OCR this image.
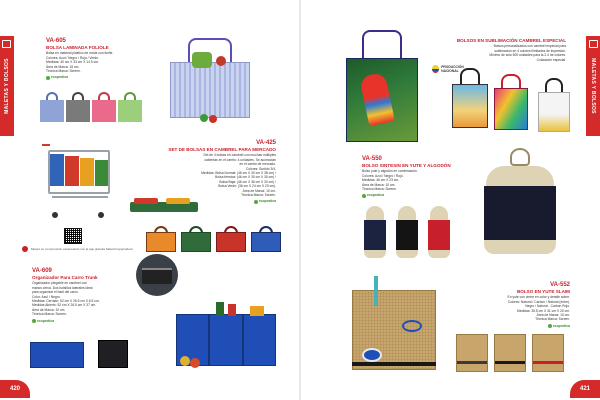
MALETAS Y BOLSOS
VA-605
BOLSA LAMINADA FOLIOLE
Bolsa en material plástico de moda con fuelle.
Colores: Azul / Negro / Rojo / Verde.
Medidas: 40 cm X 33 cm X 14.5 cm.
Área de Marca: 15 cm.
Técnica Marca: Screen.
ecoprotica
VA-425
SET DE BOLSAS EN CAMBREL PARA MERCADO
Set de 4 bolsas en cambrel con muchas múltiples
cabiertas en el carrito: 4 unidades. Se acomodan
en el carrito de mercado.
Colores: Surtido 3/4.
Medidas: Bolsa Normal: (46 cm X 30 cm X 38 cm) /
Bolsa térmica: (46 cm X 30 cm X 30 cm) /
Bolsa Baja: (46 cm X 36 cm X 20 cm) /
Bolsa Verde: (36 cm X 24 cm X 20 cm).
Área de Marca: 10 cm.
Técnica Marca: Screen.
ecoprotica
Mejore su comprensión escaneando con la app gratuita Salam/tr.app/codecs
VA-609
Organizador Para Carro Trunk
Organizador plegable en cambrel con
manos cerca. Dos bolsillos laterales ideal
para organizar el baúl del carro.
Color: Azul / Negro.
Medidas: Cerrado: 52 cm X 26.5 cm X 6.5 cm.
Medidas Abierto: 52 cm X 26.5 cm X 37 cm.
Área de Marca: 10 cm.
Técnica Marca: Screen.
ecoprotica
420
MALETAS Y BOLSOS
BOLSOS EN SUBLIMACIÓN CAMBREL ESPECIAL
Bolsos personalizados con cambrel especial para
sublimación en 4 colores ilimitados de impresión.
Mínimo de solo 500 unidades para la 2.4 de colores.
Cotización especial.
PRODUCCIÓN NACIONAL
VA-550
BOLSO SINTESIN EN YUTE Y ALGODÓN
Bolso yute y algodón en combinación.
Colores: Azul / Negro / Rojo.
Medidas: 46 cm X 23 cm.
Área de Marca: 10 cm.
Técnica Marca: Screen.
ecoprotica
VA-552
BOLSO EN YUTE SLAIM
En yute con cierre en color y detalle sobre.
Colores: Natural / Carbon / Natural (entre).
Negro / Natural - Carbon Rojo.
Medidas: 35.5 cm X 31 cm X 20 cm.
Área de Marca: 10 cm.
Técnica Marca: Screen.
ecoprotica
421
